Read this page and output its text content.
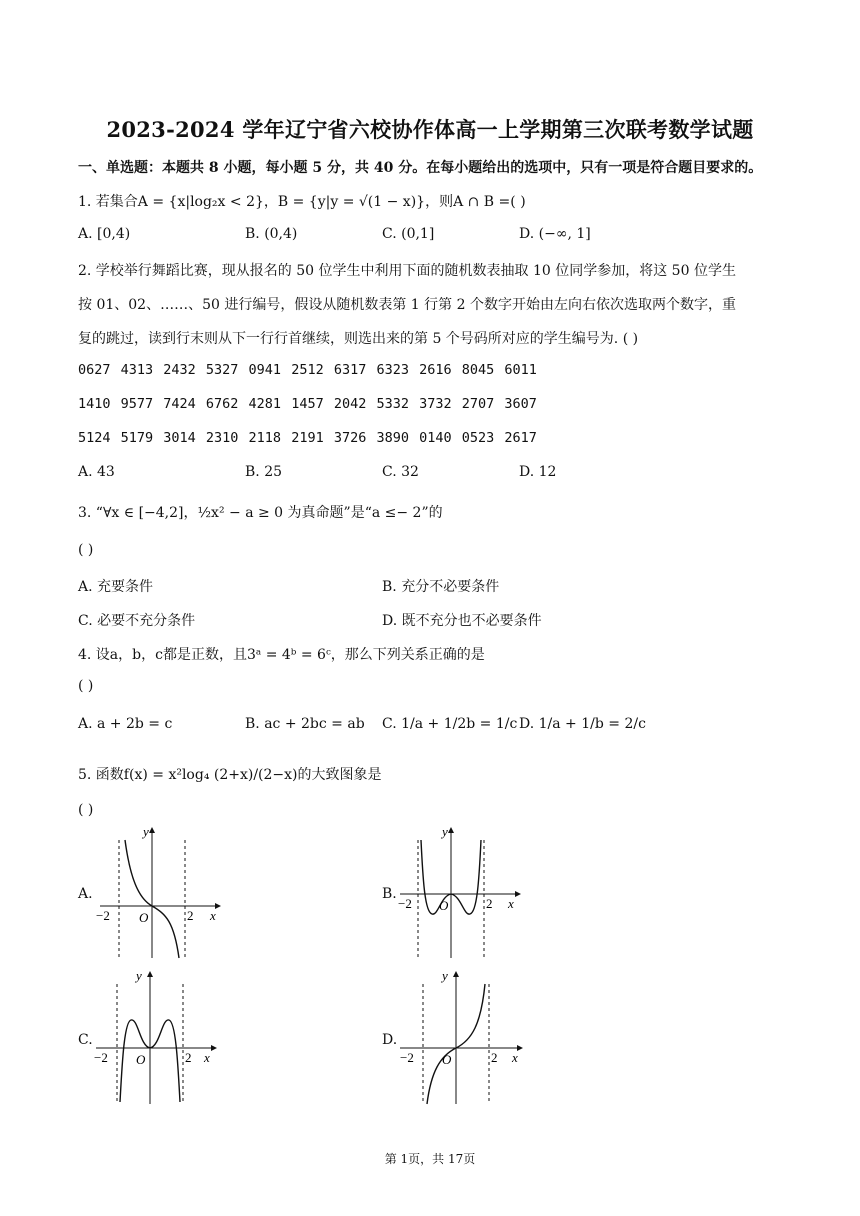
2023-2024 学年辽宁省六校协作体高一上学期第三次联考数学试题
一、单选题：本题共 8 小题，每小题 5 分，共 40 分。在每小题给出的选项中，只有一项是符合题目要求的。
1. 若集合A = {x|log₂x < 2}，B = {y|y = √(1 − x)}，则A ∩ B =( )
A. [0,4)	B. (0,4)	C. (0,1]	D. (−∞, 1]
2. 学校举行舞蹈比赛，现从报名的 50 位学生中利用下面的随机数表抽取 10 位同学参加，将这 50 位学生
按 01、02、……、50 进行编号，假设从随机数表第 1 行第 2 个数字开始由左向右依次选取两个数字，重
复的跳过，读到行末则从下一行行首继续，则选出来的第 5 个号码所对应的学生编号为. ( )
0627 4313 2432 5327 0941 2512 6317 6323 2616 8045 6011
1410 9577 7424 6762 4281 1457 2042 5332 3732 2707 3607
5124 5179 3014 2310 2118 2191 3726 3890 0140 0523 2617
A. 43	B. 25	C. 32	D. 12
3. “∀x ∈ [−4,2]，½x² − a ≥ 0 为真命题”是“a ≤− 2”的
( )
A. 充要条件	B. 充分不必要条件
C. 必要不充分条件	D. 既不充分也不必要条件
4. 设a，b，c都是正数，且3ᵃ = 4ᵇ = 6ᶜ，那么下列关系正确的是
( )
A. a + 2b = c	B. ac + 2bc = ab C. 1/a + 1/2b = 1/c D. 1/a + 1/b = 2/c
5. 函数f(x) = x²log₄ (2+x)/(2−x)的大致图象是
( )
A.	B.
C.	D.
y
x
O
−2	2
y
x
O
−2	2
y
x
O
−2	2
y
x
O
−2	2
第 1页，共 17页
